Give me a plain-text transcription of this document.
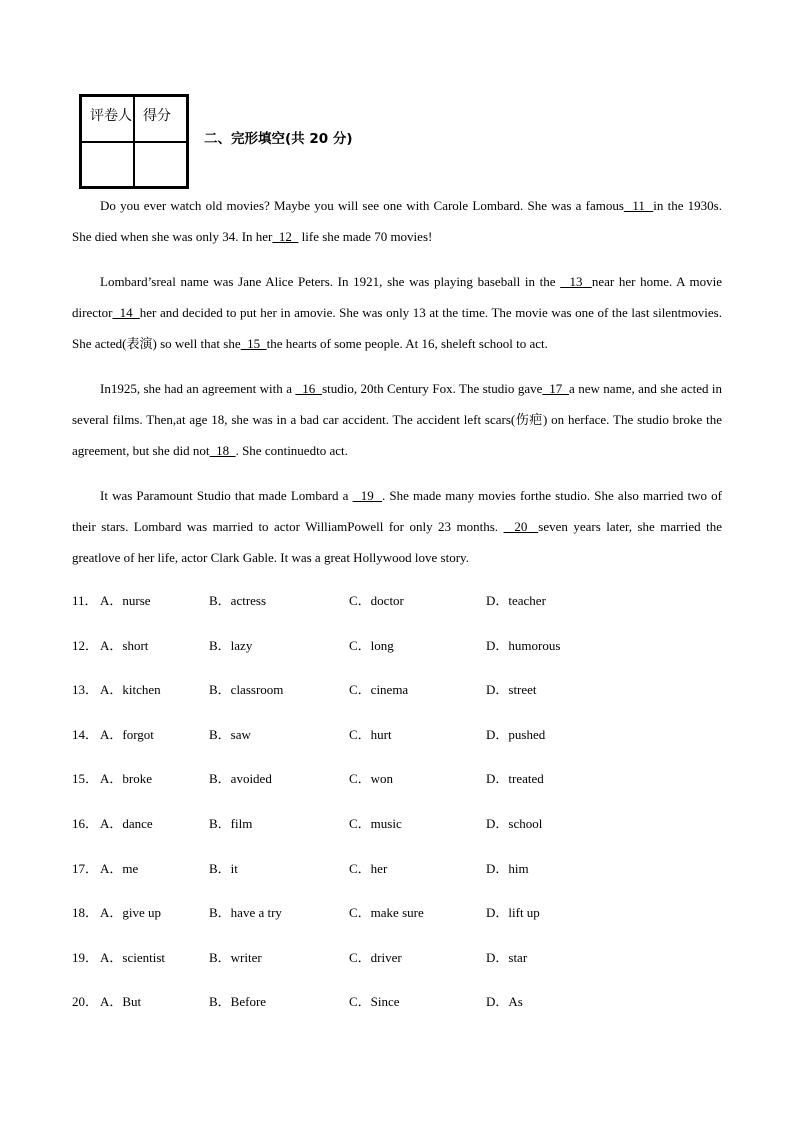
评卷人 得分
二、完形填空(共 20 分)

Do you ever watch old movies? Maybe you will see one with Carole Lombard. She was a famous  11  in the 1930s. She died when she was only 34. In her  12   life she made 70 movies!

Lombard’sreal name was Jane Alice Peters. In 1921, she was playing baseball in the   13  near her home. A movie director  14  her and decided to put her in amovie. She was only 13 at the time. The movie was one of the last silentmovies. She acted(表演) so well that she  15  the hearts of some people. At 16, sheleft school to act.

In1925, she had an agreement with a   16  studio, 20th Century Fox. The studio gave  17  a new name, and she acted in several films. Then,at age 18, she was in a bad car accident. The accident left scars(伤疤) on herface. The studio broke the agreement, but she did not  18  . She continuedto act.

It was Paramount Studio that made Lombard a   19  . She made many movies forthe studio. She also married two of their stars. Lombard was married to actor WilliamPowell for only 23 months.   20  seven years later, she married the greatlove of her life, actor Clark Gable. It was a great Hollywood love story.

11． A．nurse	B．actress	C．doctor	D．teacher
12． A．short	B．lazy	C．long	D．humorous
13． A．kitchen	B．classroom	C．cinema	D．street
14． A．forgot	B．saw	C．hurt	D．pushed
15． A．broke	B．avoided	C．won	D．treated
16． A．dance	B．film	C．music	D．school
17． A．me	B．it	C．her	D．him
18． A．give up	B．have a try	C．make sure	D．lift up
19． A．scientist	B．writer	C．driver	D．star
20． A．But	B．Before	C．Since	D．As
